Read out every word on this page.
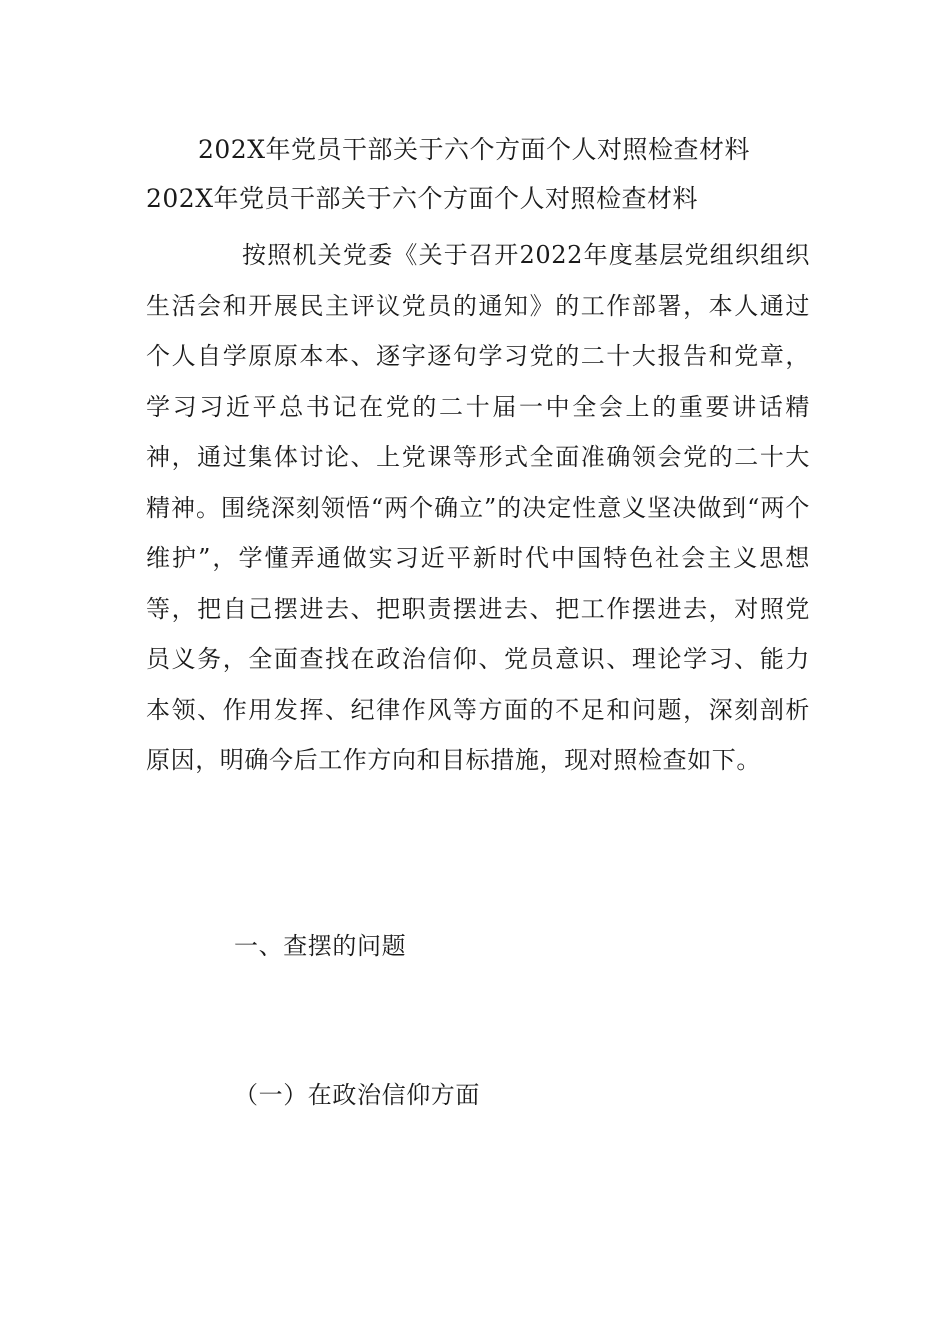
202X年党员干部关于六个方面个人对照检查材料
202X年党员干部关于六个方面个人对照检查材料

按照机关党委《关于召开2022年度基层党组织组织生活会和开展民主评议党员的通知》的工作部署，本人通过个人自学原原本本、逐字逐句学习党的二十大报告和党章，学习习近平总书记在党的二十届一中全会上的重要讲话精神，通过集体讨论、上党课等形式全面准确领会党的二十大精神。围绕深刻领悟“两个确立”的决定性意义坚决做到“两个维护”，学懂弄通做实习近平新时代中国特色社会主义思想等，把自己摆进去、把职责摆进去、把工作摆进去，对照党员义务，全面查找在政治信仰、党员意识、理论学习、能力本领、作用发挥、纪律作风等方面的不足和问题，深刻剖析原因，明确今后工作方向和目标措施，现对照检查如下。

一、查摆的问题
（一）在政治信仰方面
